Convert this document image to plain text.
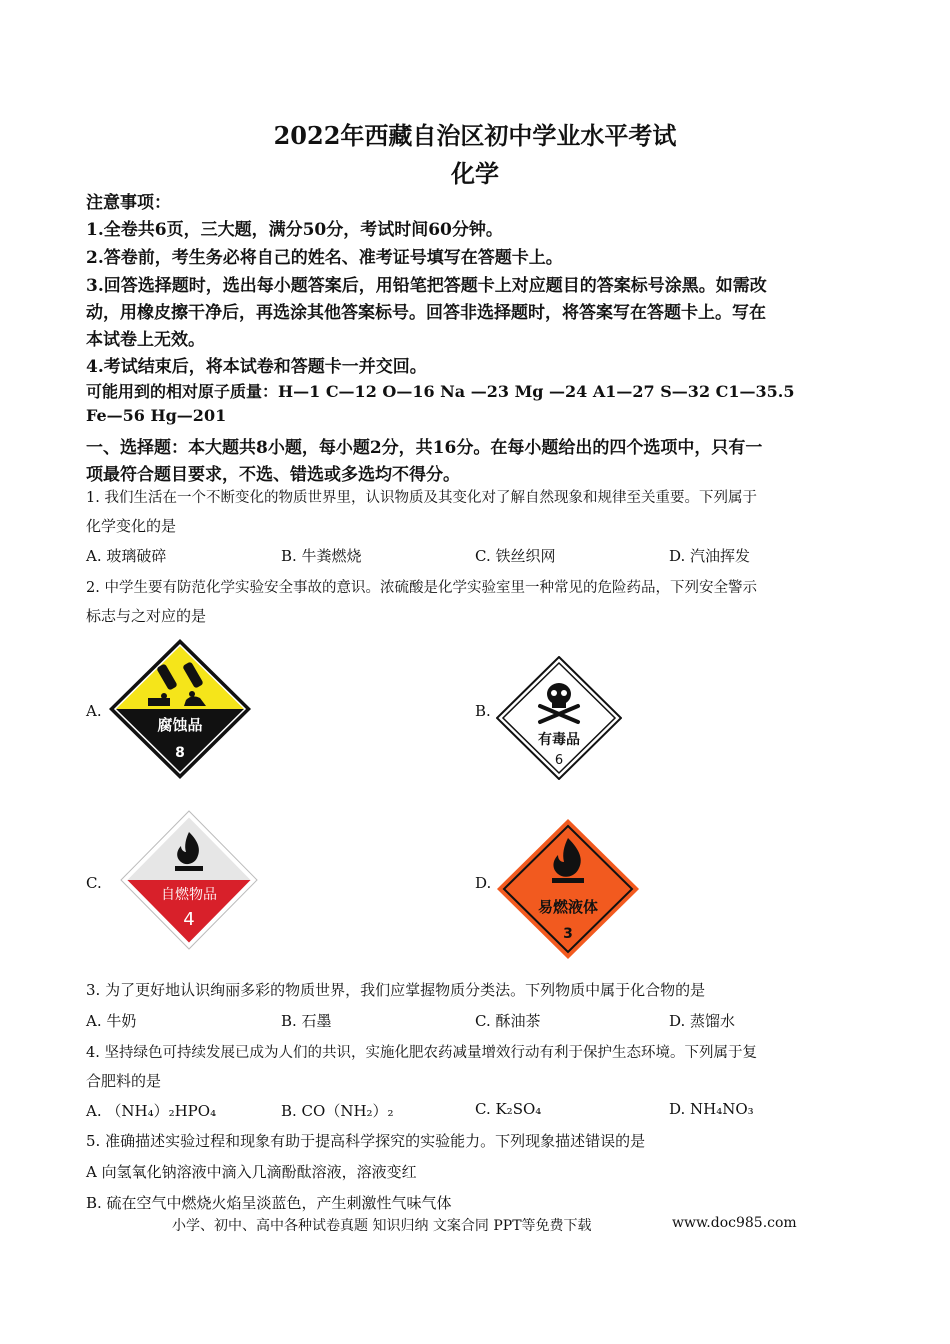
2022年西藏自治区初中学业水平考试
化学
注意事项：
1.全卷共6页，三大题，满分50分，考试时间60分钟。
2.答卷前，考生务必将自己的姓名、准考证号填写在答题卡上。
3.回答选择题时，选出每小题答案后，用铅笔把答题卡上对应题目的答案标号涂黑。如需改
动，用橡皮擦干净后，再选涂其他答案标号。回答非选择题时，将答案写在答题卡上。写在
本试卷上无效。
4.考试结束后，将本试卷和答题卡一并交回。
可能用到的相对原子质量：H—1 C—12 O—16 Na —23 Mg —24 A1—27 S—32 C1—35.5
Fe—56 Hg—201
一、选择题：本大题共8小题，每小题2分，共16分。在每小题给出的四个选项中，只有一
项最符合题目要求，不选、错选或多选均不得分。
1. 我们生活在一个不断变化的物质世界里，认识物质及其变化对了解自然现象和规律至关重要。下列属于
化学变化的是
A. 玻璃破碎	B. 牛粪燃烧	C. 铁丝织网	D. 汽油挥发
2. 中学生要有防范化学实验安全事故的意识。浓硫酸是化学实验室里一种常见的危险药品，下列安全警示
标志与之对应的是
A.	B.
C.	D.
腐蚀品
8
有毒品
6
自燃物品
4
易燃液体
3
3. 为了更好地认识绚丽多彩的物质世界，我们应掌握物质分类法。下列物质中属于化合物的是
A. 牛奶	B. 石墨	C. 酥油茶	D. 蒸馏水
4. 坚持绿色可持续发展已成为人们的共识，实施化肥农药减量增效行动有利于保护生态环境。下列属于复
合肥料的是
A. （NH₄）₂HPO₄	B. CO（NH₂）₂	C. K₂SO₄	D. NH₄NO₃
5. 准确描述实验过程和现象有助于提高科学探究的实验能力。下列现象描述错误的是
A 向氢氧化钠溶液中滴入几滴酚酞溶液，溶液变红
B. 硫在空气中燃烧火焰呈淡蓝色，产生刺激性气味气体
小学、初中、高中各种试卷真题 知识归纳 文案合同 PPT等免费下载	www.doc985.com
